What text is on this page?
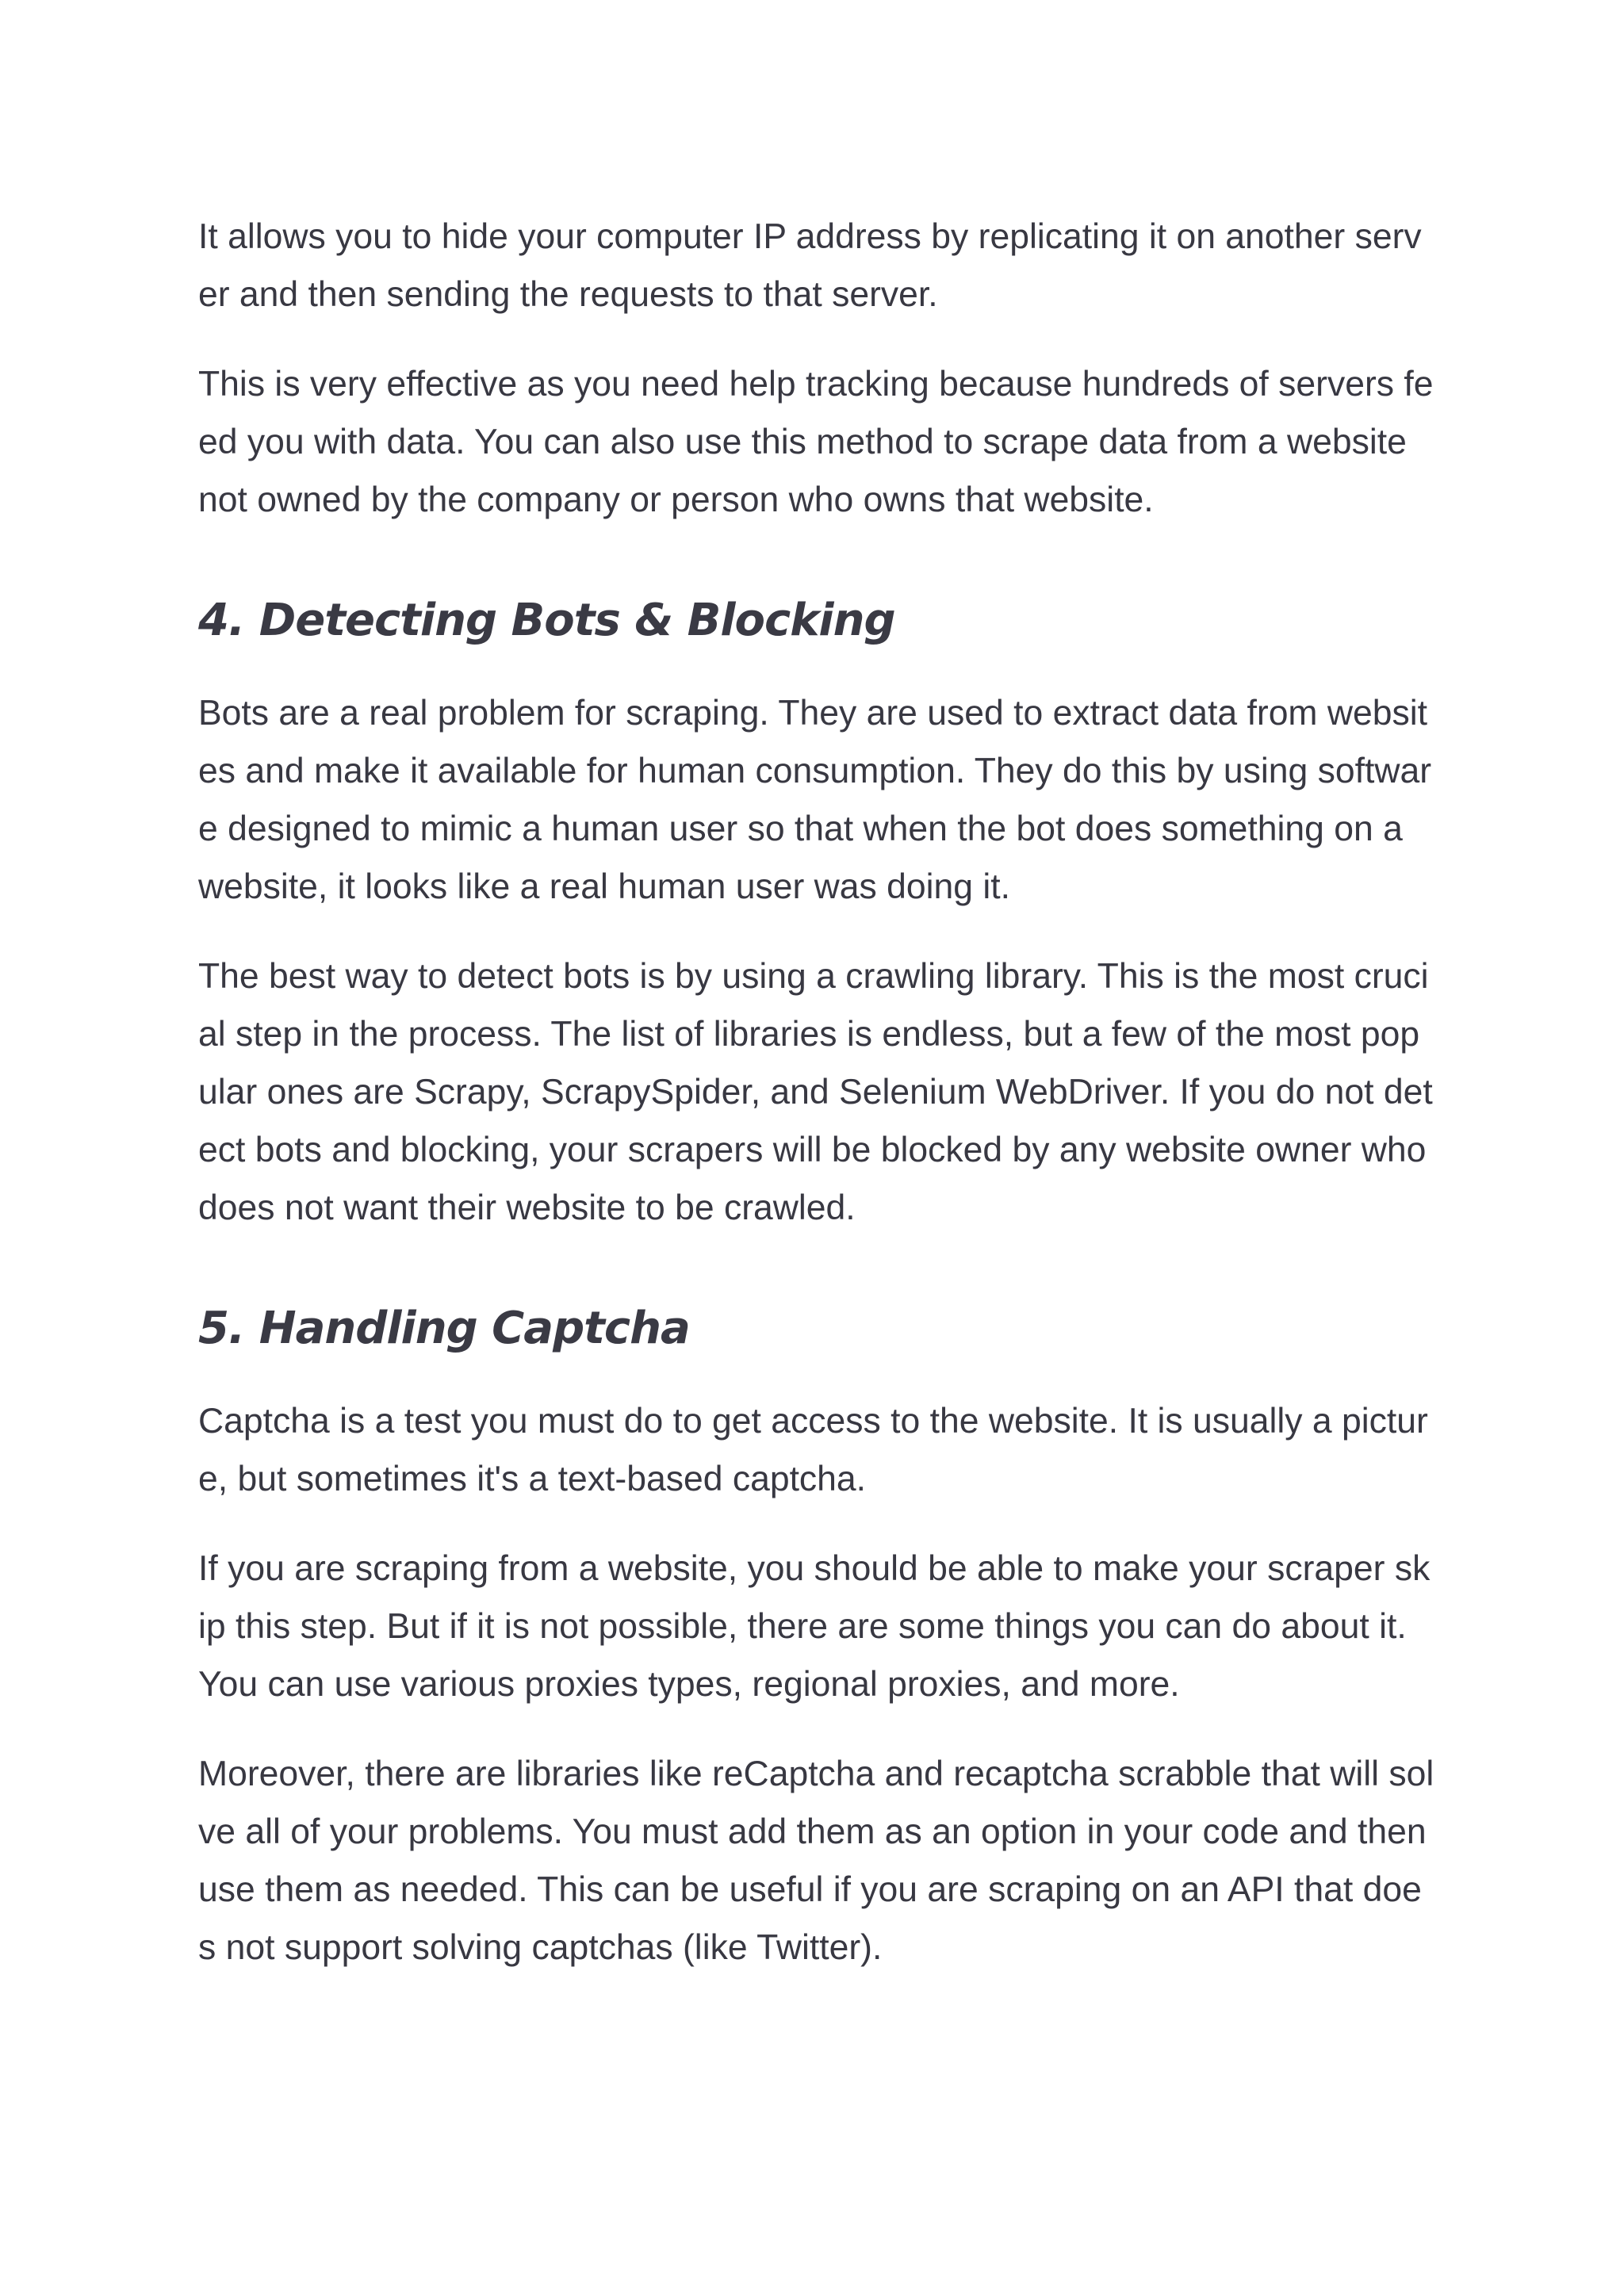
It allows you to hide your computer IP address by replicating it on another server and then sending the requests to that server.

This is very effective as you need help tracking because hundreds of servers feed you with data. You can also use this method to scrape data from a website not owned by the company or person who owns that website.

4. Detecting Bots & Blocking

Bots are a real problem for scraping. They are used to extract data from websites and make it available for human consumption. They do this by using software designed to mimic a human user so that when the bot does something on a website, it looks like a real human user was doing it.

The best way to detect bots is by using a crawling library. This is the most crucial step in the process. The list of libraries is endless, but a few of the most popular ones are Scrapy, ScrapySpider, and Selenium WebDriver. If you do not detect bots and blocking, your scrapers will be blocked by any website owner who does not want their website to be crawled.

5. Handling Captcha

Captcha is a test you must do to get access to the website. It is usually a picture, but sometimes it's a text-based captcha.

If you are scraping from a website, you should be able to make your scraper skip this step. But if it is not possible, there are some things you can do about it. You can use various proxies types, regional proxies, and more.

Moreover, there are libraries like reCaptcha and recaptcha scrabble that will solve all of your problems. You must add them as an option in your code and then use them as needed. This can be useful if you are scraping on an API that does not support solving captchas (like Twitter).
